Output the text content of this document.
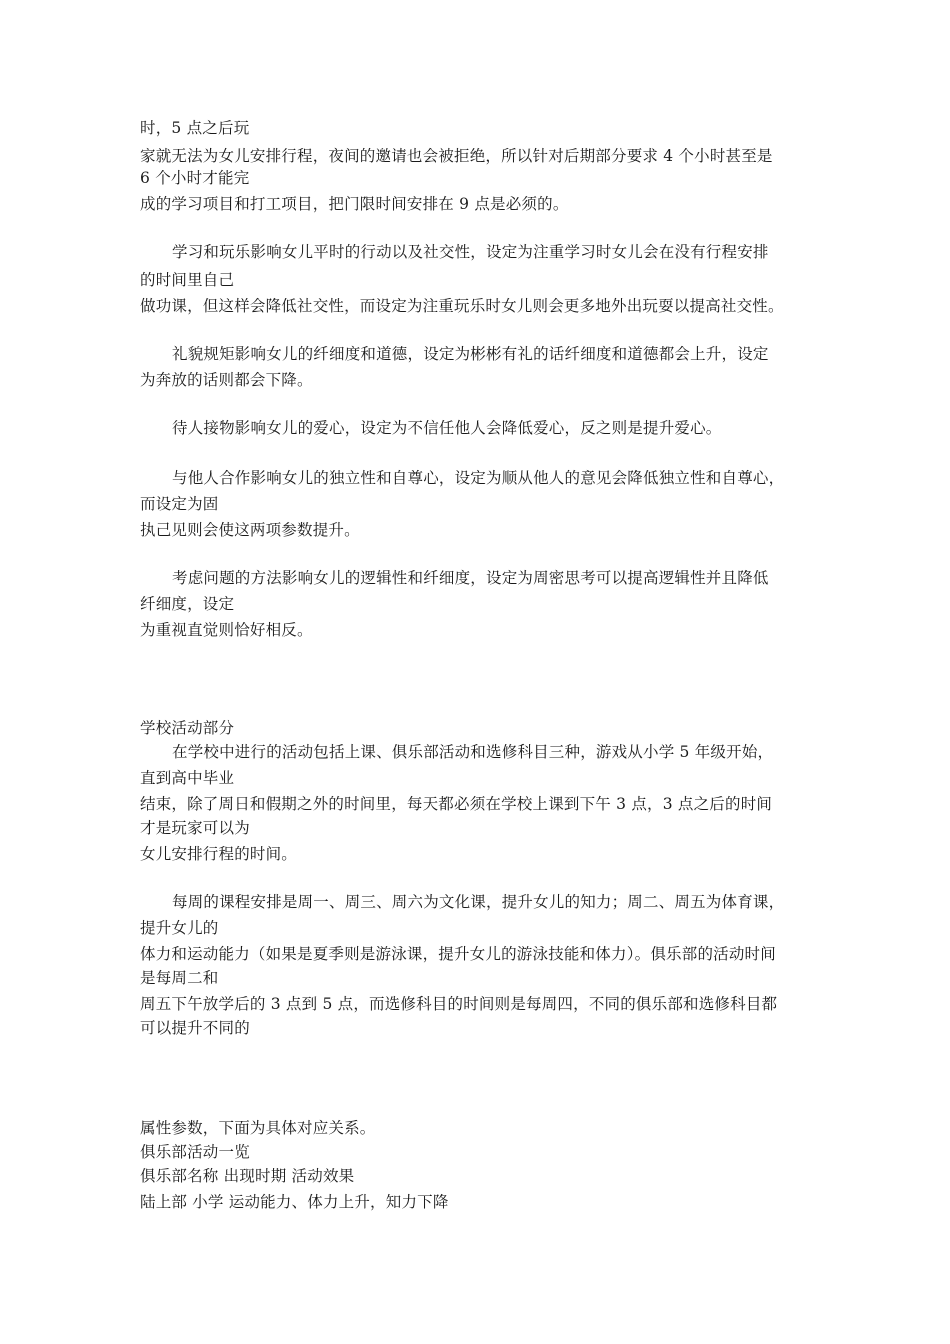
时，5 点之后玩
家就无法为女儿安排行程，夜间的邀请也会被拒绝，所以针对后期部分要求 4 个小时甚至是
6 个小时才能完
成的学习项目和打工项目，把门限时间安排在 9 点是必须的。
学习和玩乐影响女儿平时的行动以及社交性，设定为注重学习时女儿会在没有行程安排
的时间里自己
做功课，但这样会降低社交性，而设定为注重玩乐时女儿则会更多地外出玩耍以提高社交性。
礼貌规矩影响女儿的纤细度和道德，设定为彬彬有礼的话纤细度和道德都会上升，设定
为奔放的话则都会下降。
待人接物影响女儿的爱心，设定为不信任他人会降低爱心，反之则是提升爱心。
与他人合作影响女儿的独立性和自尊心，设定为顺从他人的意见会降低独立性和自尊心，
而设定为固
执己见则会使这两项参数提升。
考虑问题的方法影响女儿的逻辑性和纤细度，设定为周密思考可以提高逻辑性并且降低
纤细度，设定
为重视直觉则恰好相反。
学校活动部分
在学校中进行的活动包括上课、俱乐部活动和选修科目三种，游戏从小学 5 年级开始，
直到高中毕业
结束，除了周日和假期之外的时间里，每天都必须在学校上课到下午 3 点，3 点之后的时间
才是玩家可以为
女儿安排行程的时间。
每周的课程安排是周一、周三、周六为文化课，提升女儿的知力；周二、周五为体育课，
提升女儿的
体力和运动能力（如果是夏季则是游泳课，提升女儿的游泳技能和体力）。俱乐部的活动时间
是每周二和
周五下午放学后的 3 点到 5 点，而选修科目的时间则是每周四，不同的俱乐部和选修科目都
可以提升不同的
属性参数，下面为具体对应关系。
俱乐部活动一览
俱乐部名称 出现时期 活动效果
陆上部 小学 运动能力、体力上升，知力下降
